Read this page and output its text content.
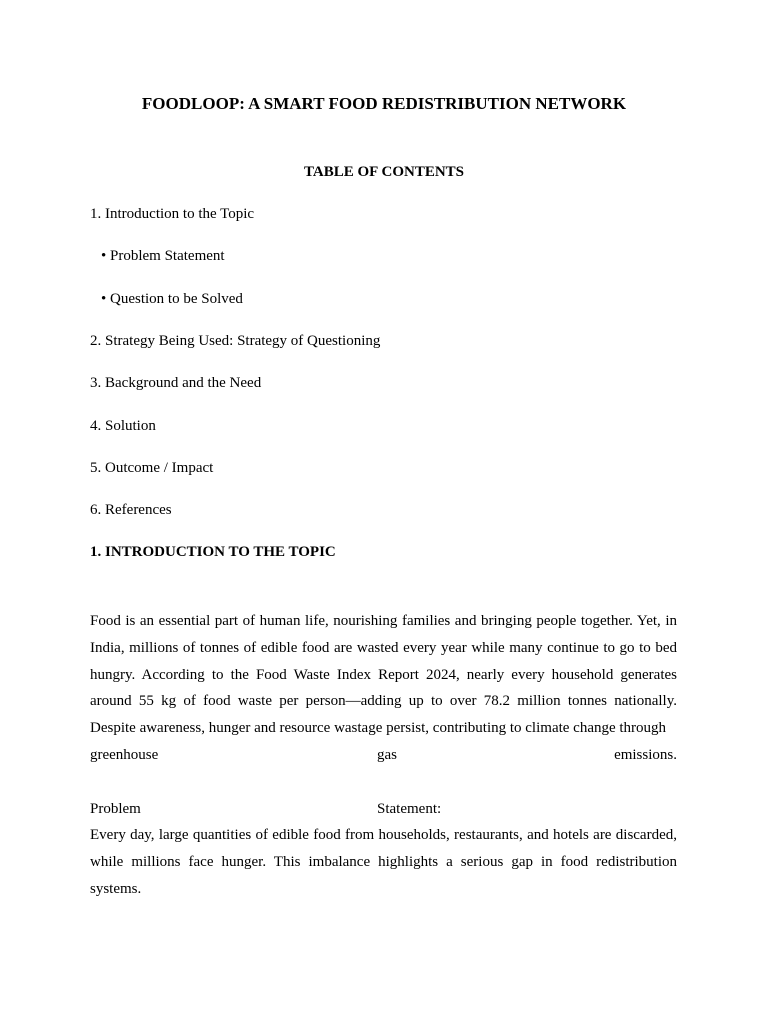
FOODLOOP: A SMART FOOD REDISTRIBUTION NETWORK
TABLE OF CONTENTS
1. Introduction to the Topic
• Problem Statement
• Question to be Solved
2. Strategy Being Used: Strategy of Questioning
3. Background and the Need
4. Solution
5. Outcome / Impact
6. References
1. INTRODUCTION TO THE TOPIC
Food is an essential part of human life, nourishing families and bringing people together. Yet, in India, millions of tonnes of edible food are wasted every year while many continue to go to bed hungry. According to the Food Waste Index Report 2024, nearly every household generates around 55 kg of food waste per person—adding up to over 78.2 million tonnes nationally. Despite awareness, hunger and resource wastage persist, contributing to climate change through
greenhouse	gas	emissions.
Problem	Statement:
Every day, large quantities of edible food from households, restaurants, and hotels are discarded, while millions face hunger. This imbalance highlights a serious gap in food redistribution systems.
